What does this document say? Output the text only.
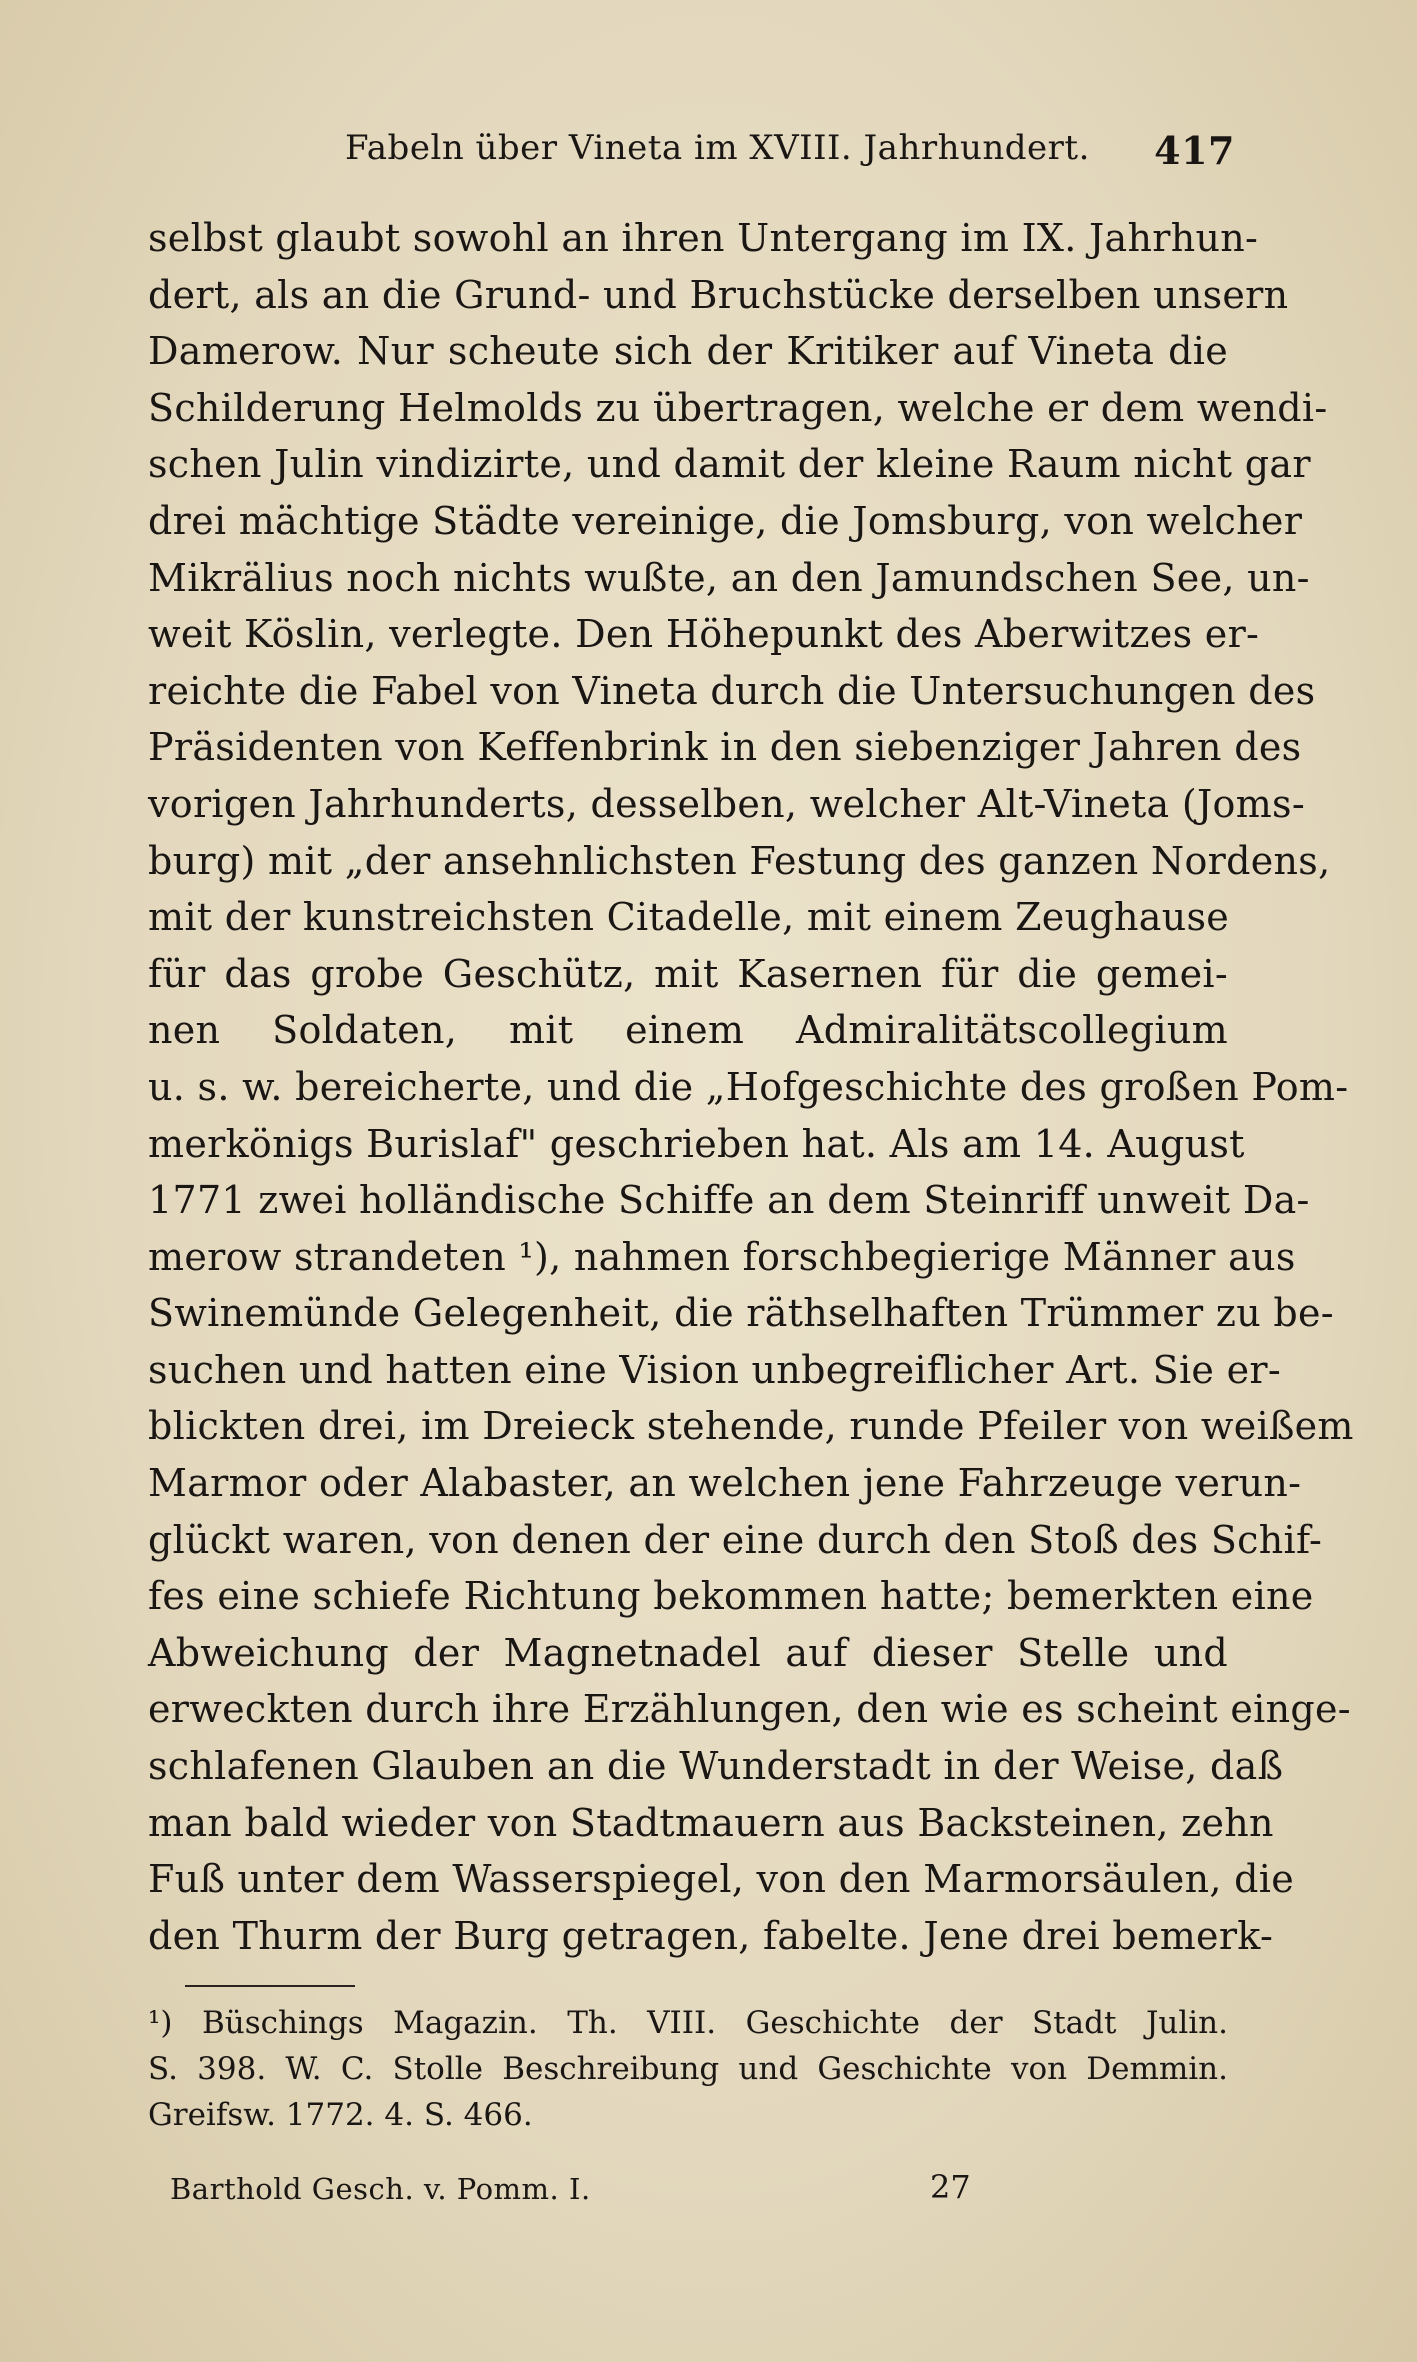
Fabeln über Vineta im XVIII. Jahrhundert. 417
selbst glaubt sowohl an ihren Untergang im IX. Jahrhun-
dert, als an die Grund- und Bruchstücke derselben unsern
Damerow. Nur scheute sich der Kritiker auf Vineta die
Schilderung Helmolds zu übertragen, welche er dem wendi-
schen Julin vindizirte, und damit der kleine Raum nicht gar
drei mächtige Städte vereinige, die Jomsburg, von welcher
Mikrälius noch nichts wußte, an den Jamundschen See, un-
weit Köslin, verlegte. Den Höhepunkt des Aberwitzes er-
reichte die Fabel von Vineta durch die Untersuchungen des
Präsidenten von Keffenbrink in den siebenziger Jahren des
vorigen Jahrhunderts, desselben, welcher Alt-Vineta (Joms-
burg) mit „der ansehnlichsten Festung des ganzen Nordens,
mit der kunstreichsten Citadelle, mit einem Zeughause
für das grobe Geschütz, mit Kasernen für die gemei-
nen Soldaten, mit einem Admiralitätscollegium
u. s. w. bereicherte, und die „Hofgeschichte des großen Pom-
merkönigs Burislaf" geschrieben hat. Als am 14. August
1771 zwei holländische Schiffe an dem Steinriff unweit Da-
merow strandeten ¹), nahmen forschbegierige Männer aus
Swinemünde Gelegenheit, die räthselhaften Trümmer zu be-
suchen und hatten eine Vision unbegreiflicher Art. Sie er-
blickten drei, im Dreieck stehende, runde Pfeiler von weißem
Marmor oder Alabaster, an welchen jene Fahrzeuge verun-
glückt waren, von denen der eine durch den Stoß des Schif-
fes eine schiefe Richtung bekommen hatte; bemerkten eine
Abweichung der Magnetnadel auf dieser Stelle und
erweckten durch ihre Erzählungen, den wie es scheint einge-
schlafenen Glauben an die Wunderstadt in der Weise, daß
man bald wieder von Stadtmauern aus Backsteinen, zehn
Fuß unter dem Wasserspiegel, von den Marmorsäulen, die
den Thurm der Burg getragen, fabelte. Jene drei bemerk-
¹) Büschings Magazin. Th. VIII. Geschichte der Stadt Julin.
S. 398. W. C. Stolle Beschreibung und Geschichte von Demmin.
Greifsw. 1772. 4. S. 466.
Barthold Gesch. v. Pomm. I.	27
